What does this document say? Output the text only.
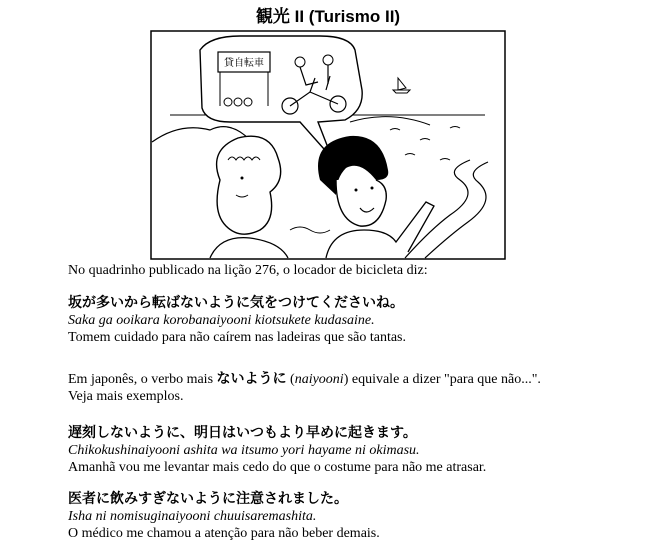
観光 II (Turismo II)
貸自転車
No quadrinho publicado na lição 276, o locador de bicicleta diz:
坂が多いから転ばないように気をつけてくださいね。
Saka ga ooikara korobanaiyooni kiotsukete kudasaine.
Tomem cuidado para não caírem nas ladeiras que são tantas.
Em japonês, o verbo mais ないように (naiyooni) equivale a dizer "para que não...".
Veja mais exemplos.
遅刻しないように、明日はいつもより早めに起きます。
Chikokushinaiyooni ashita wa itsumo yori hayame ni okimasu.
Amanhã vou me levantar mais cedo do que o costume para não me atrasar.
医者に飲みすぎないように注意されました。
Isha ni nomisuginaiyooni chuuisaremashita.
O médico me chamou a atenção para não beber demais.
